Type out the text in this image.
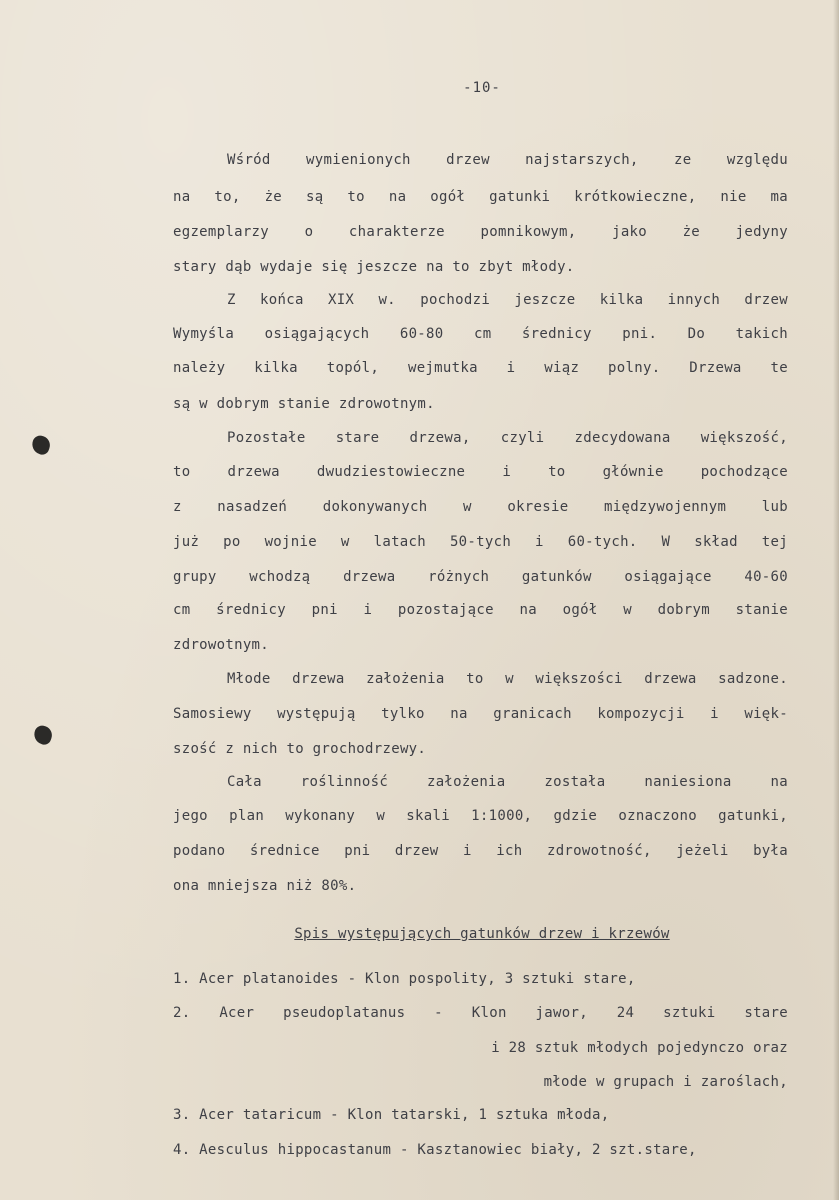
-10-
Wśród wymienionych drzew najstarszych, ze względu
na to, że są to na ogół gatunki krótkowieczne, nie ma
egzemplarzy o charakterze pomnikowym, jako że jedyny
stary dąb wydaje się jeszcze na to zbyt młody.
Z końca XIX w. pochodzi jeszcze kilka innych drzew
Wymyśla osiągających 60-80 cm średnicy pni. Do takich
należy kilka topól, wejmutka i wiąz polny. Drzewa te
są w dobrym stanie zdrowotnym.
Pozostałe stare drzewa, czyli zdecydowana większość,
to drzewa dwudziestowieczne i to głównie pochodzące
z nasadzeń dokonywanych w okresie międzywojennym lub
już po wojnie w latach 50-tych i 60-tych. W skład tej
grupy wchodzą drzewa różnych gatunków osiągające 40-60
cm średnicy pni i pozostające na ogół w dobrym stanie
zdrowotnym.
Młode drzewa założenia to w większości drzewa sadzone.
Samosiewy występują tylko na granicach kompozycji i więk-
szość z nich to grochodrzewy.
Cała roślinność założenia została naniesiona na
jego plan wykonany w skali 1:1000, gdzie oznaczono gatunki,
podano średnice pni drzew i ich zdrowotność, jeżeli była
ona mniejsza niż 80%.
Spis występujących gatunków drzew i krzewów
1. Acer platanoides - Klon pospolity, 3 sztuki stare,
2. Acer pseudoplatanus - Klon jawor, 24 sztuki stare
i 28 sztuk młodych pojedynczo oraz
młode w grupach i zaroślach,
3. Acer tataricum - Klon tatarski, 1 sztuka młoda,
4. Aesculus hippocastanum - Kasztanowiec biały, 2 szt.stare,
